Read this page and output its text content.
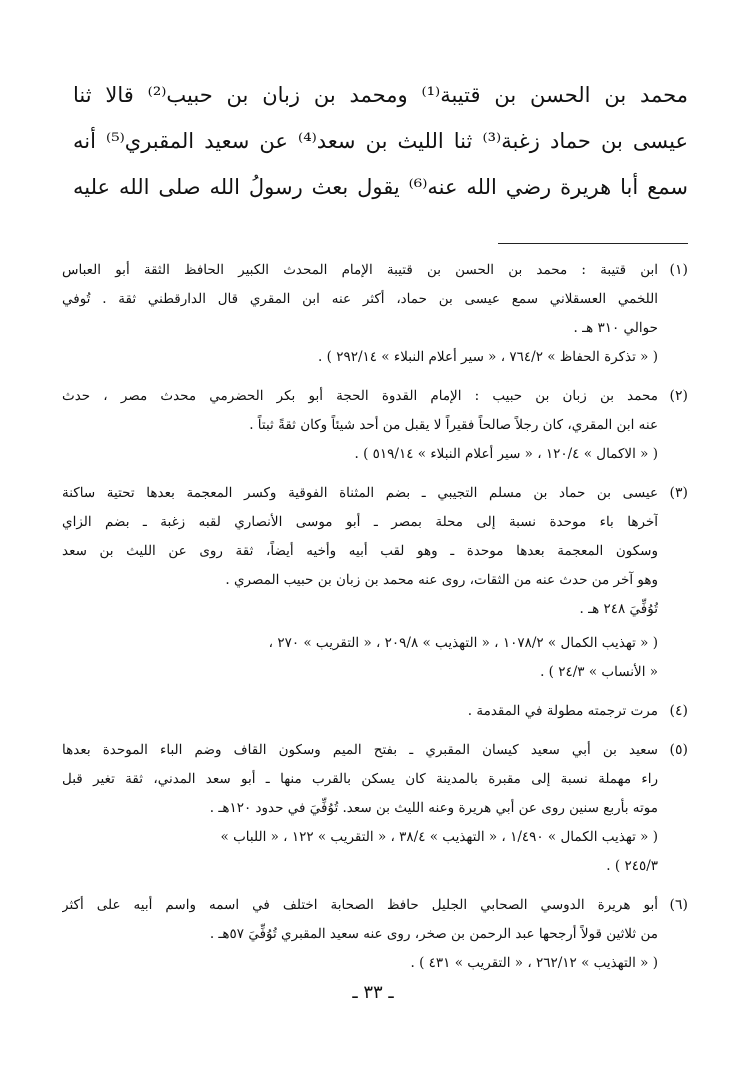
محمد بن الحسن بن قتيبة⁽¹⁾ ومحمد بن زبان بن حبيب⁽²⁾ قالا ثنا
عيسى بن حماد زغبة⁽³⁾ ثنا الليث بن سعد⁽⁴⁾ عن سعيد المقبري⁽⁵⁾ أنه
سمع أبا هريرة رضي الله عنه⁽⁶⁾ يقول بعث رسولُ الله صلى الله عليه
(١)
ابن قتيبة : محمد بن الحسن بن قتيبة الإمام المحدث الكبير الحافظ الثقة أبو العباس
اللخمي العسقلاني سمع عيسى بن حماد، أكثر عنه ابن المقري قال الدارقطني ثقة . تُوفي
حوالي ٣١٠ هـ .
( « تذكرة الحفاظ » ٧٦٤/٢ ، « سير أعلام النبلاء » ٢٩٢/١٤ ) .
(٢)
محمد بن زبان بن حبيب : الإمام القدوة الحجة أبو بكر الحضرمي محدث مصر ، حدث
عنه ابن المقري، كان رجلاً صالحاً فقيراً لا يقبل من أحد شيئاً وكان ثقةً ثبتاً .
( « الاكمال » ١٢٠/٤ ، « سير أعلام النبلاء » ٥١٩/١٤ ) .
(٣)
عيسى بن حماد بن مسلم التجيبي ـ بضم المثناة الفوقية وكسر المعجمة بعدها تحتية ساكنة
آخرها باء موحدة نسبة إلى محلة بمصر ـ أبو موسى الأنصاري لقبه زغبة ـ بضم الزاي
وسكون المعجمة بعدها موحدة ـ وهو لقب أبيه وأخيه أيضاً، ثقة روى عن الليث بن سعد
وهو آخر من حدث عنه من الثقات، روى عنه محمد بن زبان بن حبيب المصري .
تُوُفِّيَ ٢٤٨ هـ .
( « تهذيب الكمال » ١٠٧٨/٢ ، « التهذيب » ٢٠٩/٨ ، « التقريب » ٢٧٠ ،
« الأنساب » ٢٤/٣ ) .
(٤)
مرت ترجمته مطولة في المقدمة .
(٥)
سعيد بن أبي سعيد كيسان المقبري ـ بفتح الميم وسكون القاف وضم الباء الموحدة بعدها
راء مهملة نسبة إلى مقبرة بالمدينة كان يسكن بالقرب منها ـ أبو سعد المدني، ثقة تغير قبل
موته بأربع سنين روى عن أبي هريرة وعنه الليث بن سعد. تُوُفِّيَ في حدود ١٢٠هـ .
( « تهذيب الكمال » ١/٤٩٠ ، « التهذيب » ٣٨/٤ ، « التقريب » ١٢٢ ، « اللباب »
٢٤٥/٣ ) .
(٦)
أبو هريرة الدوسي الصحابي الجليل حافظ الصحابة اختلف في اسمه واسم أبيه على أكثر
من ثلاثين قولاً أرجحها عبد الرحمن بن صخر، روى عنه سعيد المقبري تُوُفِّيَ ٥٧هـ .
( « التهذيب » ٢٦٢/١٢ ، « التقريب » ٤٣١ ) .
ـ ٣٣ ـ
